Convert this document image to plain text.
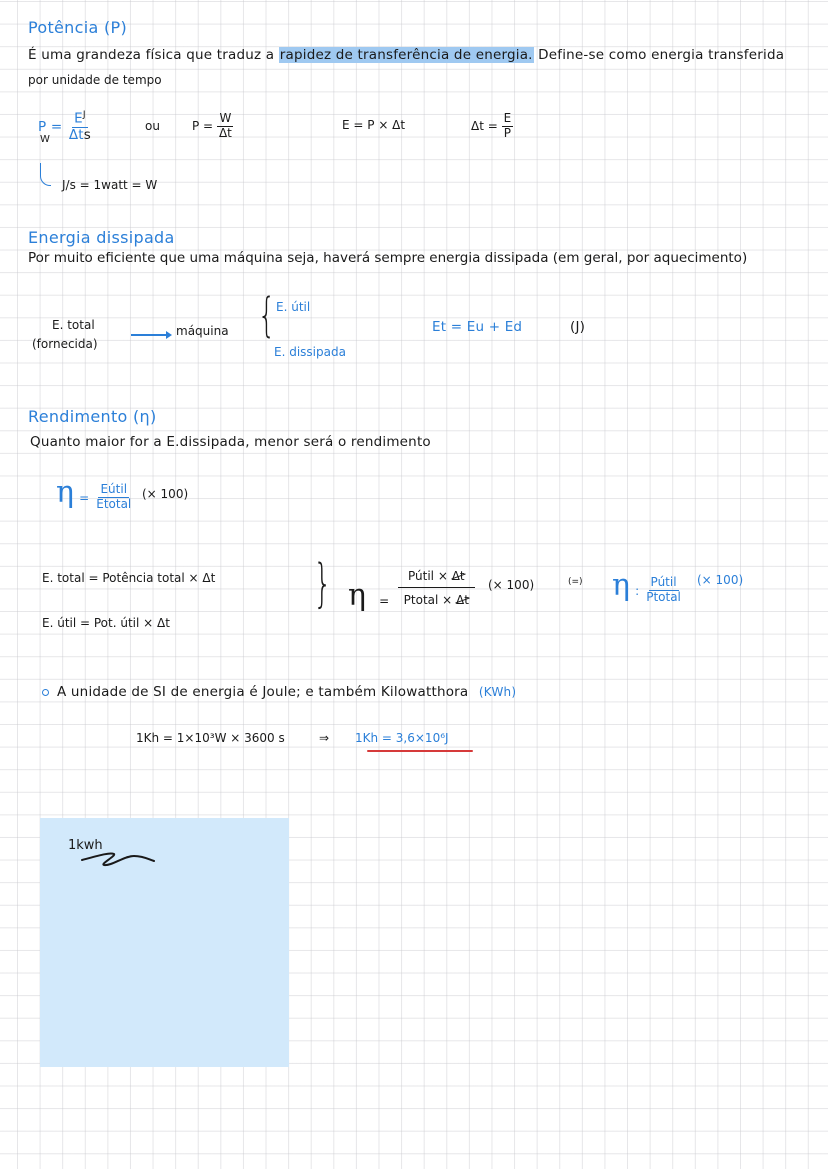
Potência (P)
É uma grandeza física que traduz a rapidez de transferência de energia. Define-se como energia transferida
por unidade de tempo
$P = \frac{E^J}{\text{Δts}}$
W
ou	$P = \frac{W}{\Delta t}$	E = P × Δt	$\Delta t = \frac{E}{P}$
J/s = 1watt = W
Energia dissipada
Por muito eficiente que uma máquina seja, haverá sempre energia dissipada (em geral, por aquecimento)
E. total
(fornecida)
máquina { E. útil
E. dissipada
Et = Eu + Ed	(J)
Rendimento (η)
Quanto maior for a E.dissipada, menor será o rendimento
$\eta = \frac{\text{Eútil}}{\text{Etotal}}$ (× 100)
E. total = Potência total × Δt
E. útil = Pot. útil × Δt
} $\eta = \frac{\text{Pútil × Δt}}{\text{Ptotal × Δt}}$ (× 100)	(=) η : $\frac{\text{Pútil}}{\text{Ptotal}}$ (× 100)
A unidade de SI de energia é Joule; e também Kilowatthora (KWh)
1Kh = 1×10³W × 3600 s	⇒ 1Kh = 3,6×10⁶J
1kwh
